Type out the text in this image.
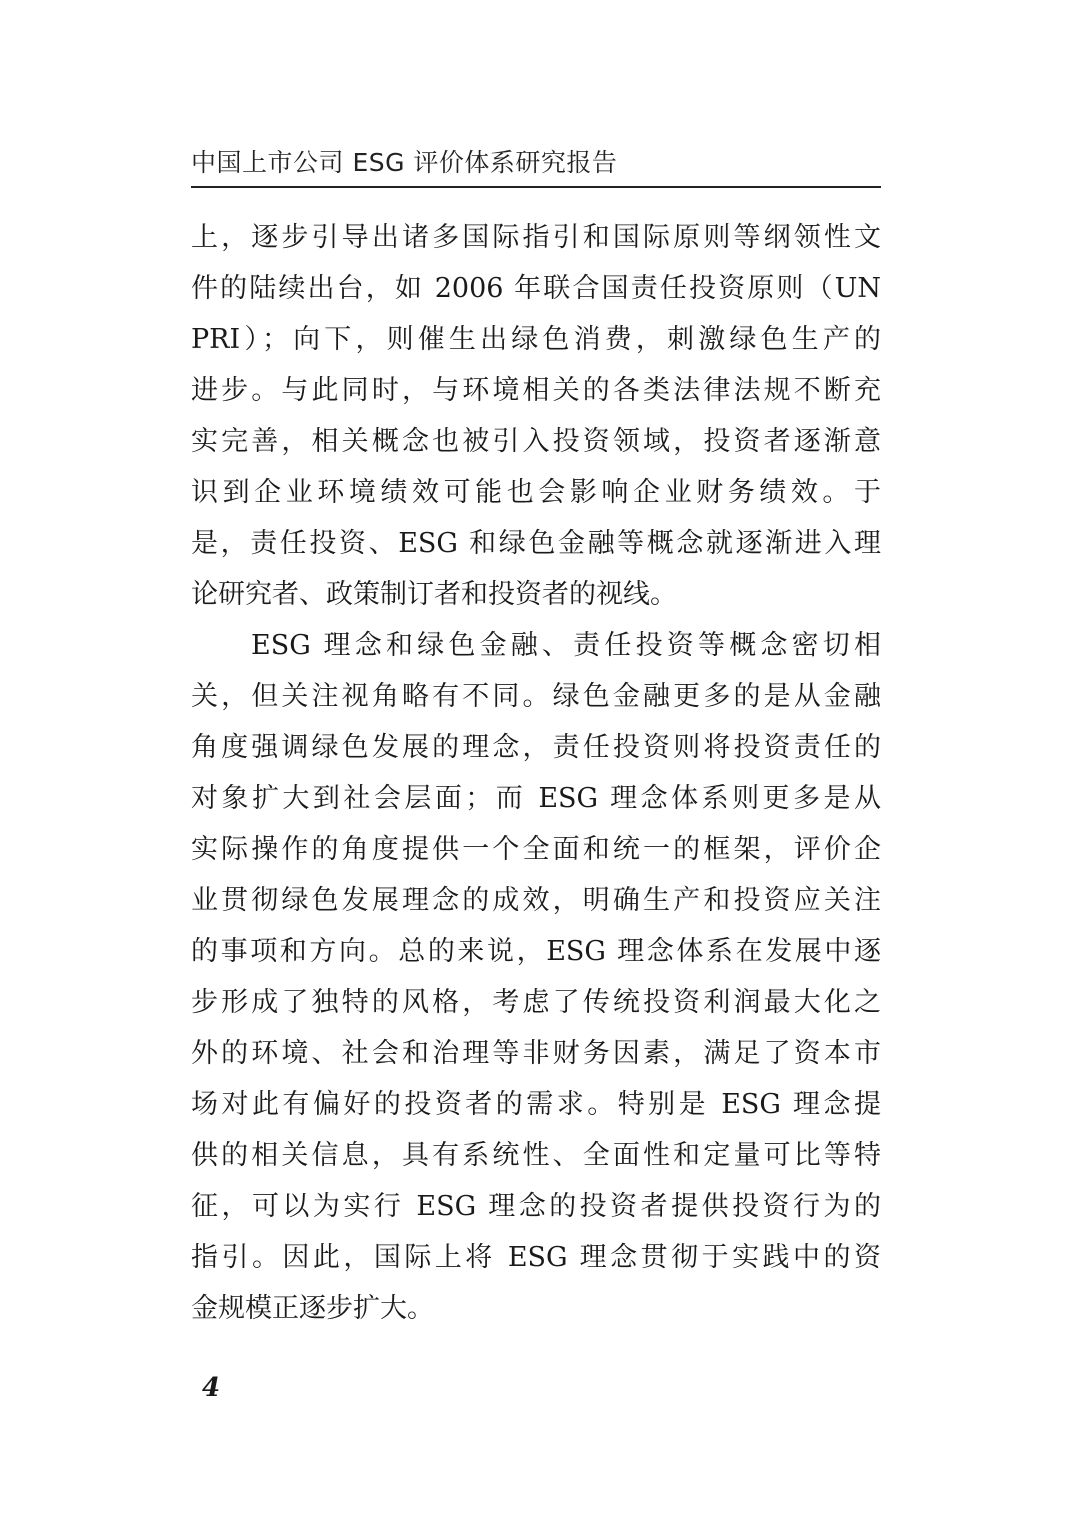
中国上市公司 ESG 评价体系研究报告
上，逐步引导出诸多国际指引和国际原则等纲领性文
件的陆续出台，如 2006 年联合国责任投资原则（UN
PRI）；向下，则催生出绿色消费，刺激绿色生产的
进步。与此同时，与环境相关的各类法律法规不断充
实完善，相关概念也被引入投资领域，投资者逐渐意
识到企业环境绩效可能也会影响企业财务绩效。于
是，责任投资、ESG 和绿色金融等概念就逐渐进入理
论研究者、政策制订者和投资者的视线。
ESG 理念和绿色金融、责任投资等概念密切相
关，但关注视角略有不同。绿色金融更多的是从金融
角度强调绿色发展的理念，责任投资则将投资责任的
对象扩大到社会层面；而 ESG 理念体系则更多是从
实际操作的角度提供一个全面和统一的框架，评价企
业贯彻绿色发展理念的成效，明确生产和投资应关注
的事项和方向。总的来说，ESG 理念体系在发展中逐
步形成了独特的风格，考虑了传统投资利润最大化之
外的环境、社会和治理等非财务因素，满足了资本市
场对此有偏好的投资者的需求。特别是 ESG 理念提
供的相关信息，具有系统性、全面性和定量可比等特
征，可以为实行 ESG 理念的投资者提供投资行为的
指引。因此，国际上将 ESG 理念贯彻于实践中的资
金规模正逐步扩大。
4
